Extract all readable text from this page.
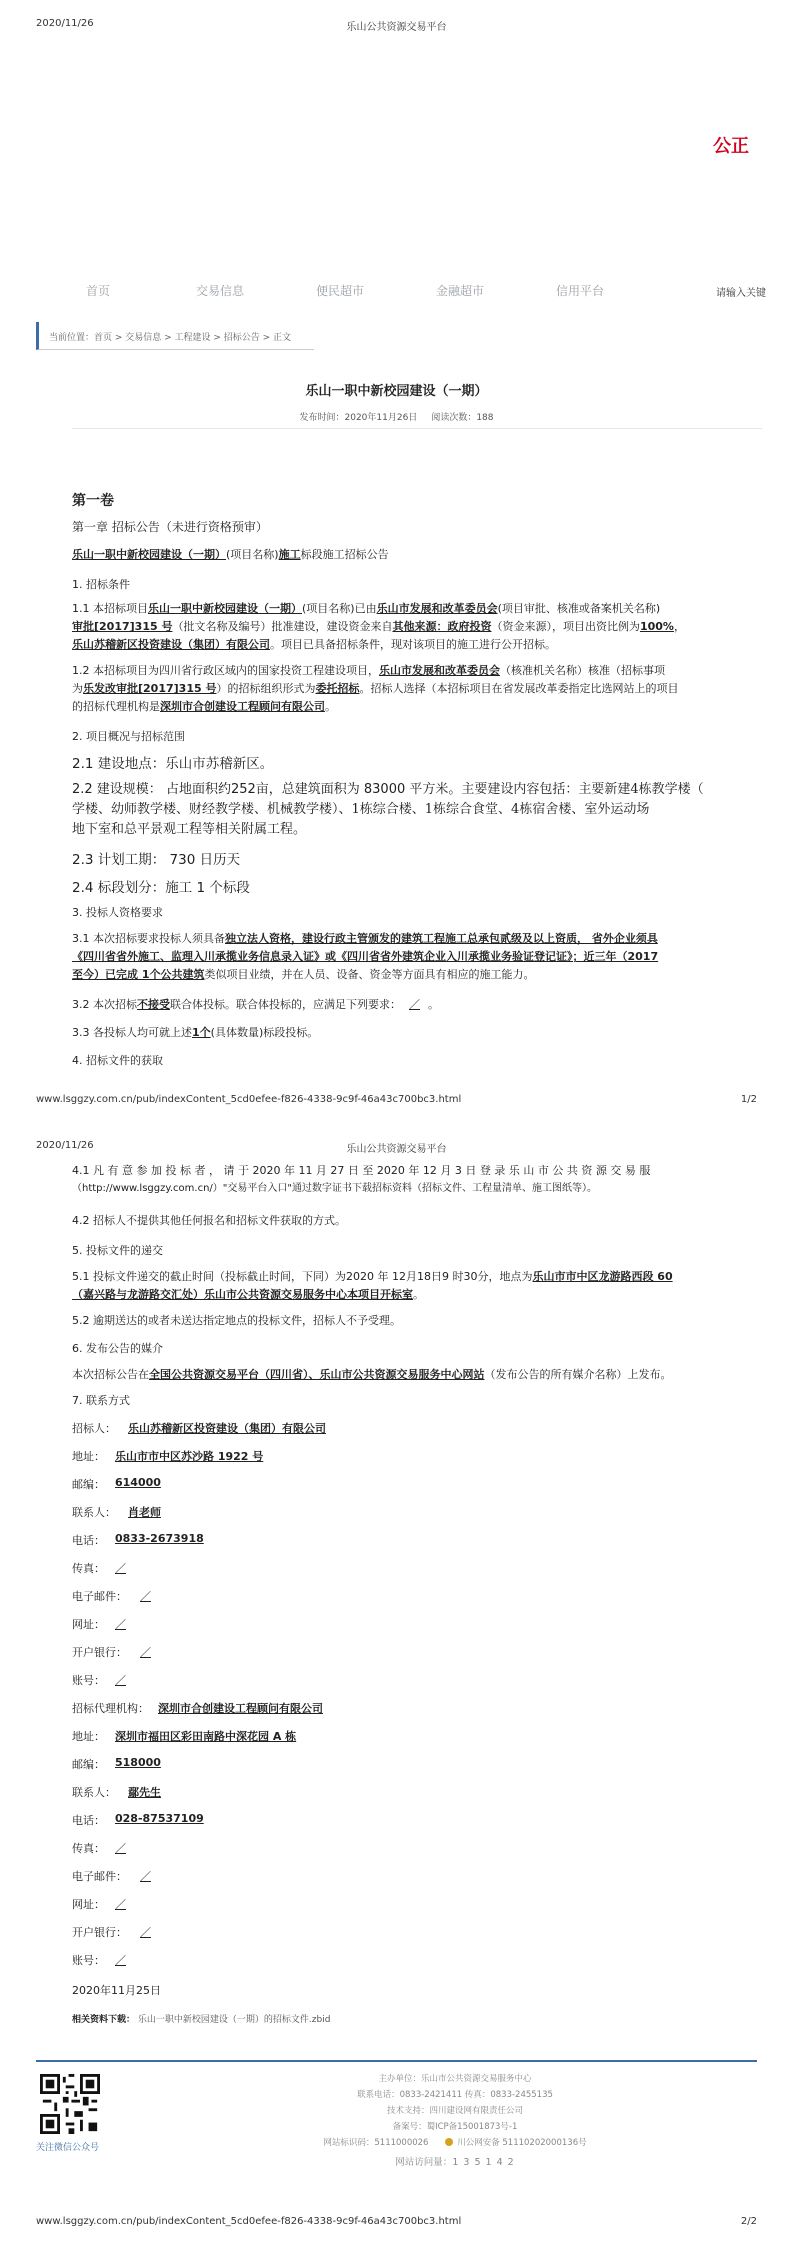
2020/11/26	乐山公共资源交易平台
公正
首页	交易信息	便民超市	金融超市	信用平台	请输入关键
当前位置：首页 > 交易信息 > 工程建设 > 招标公告 > 正文
乐山一职中新校园建设（一期）
发布时间：2020年11月26日 阅读次数：188
第一卷
第一章 招标公告（未进行资格预审）
乐山一职中新校园建设（一期）(项目名称)施工标段施工招标公告
1. 招标条件
1.1 本招标项目乐山一职中新校园建设（一期）(项目名称)已由乐山市发展和改革委员会(项目审批、核准或备案机关名称)
审批[2017]315 号（批文名称及编号）批准建设，建设资金来自其他来源：政府投资（资金来源），项目出资比例为100%，
乐山苏稽新区投资建设（集团）有限公司。项目已具备招标条件，现对该项目的施工进行公开招标。
1.2 本招标项目为四川省行政区域内的国家投资工程建设项目，乐山市发展和改革委员会（核准机关名称）核准（招标事项
为乐发改审批[2017]315 号）的招标组织形式为委托招标。招标人选择（本招标项目在省发展改革委指定比选网站上的项目
的招标代理机构是深圳市合创建设工程顾问有限公司。
2. 项目概况与招标范围
2.1 建设地点：乐山市苏稽新区。
2.2 建设规模： 占地面积约252亩，总建筑面积为 83000 平方米。主要建设内容包括：主要新建4栋教学楼（
学楼、幼师教学楼、财经教学楼、机械教学楼）、1栋综合楼、1栋综合食堂、4栋宿舍楼、室外运动场
地下室和总平景观工程等相关附属工程。
2.3 计划工期： 730 日历天
2.4 标段划分：施工 1 个标段
3. 投标人资格要求
3.1 本次招标要求投标人须具备独立法人资格，建设行政主管颁发的建筑工程施工总承包贰级及以上资质， 省外企业须具
《四川省省外施工、监理入川承揽业务信息录入证》或《四川省省外建筑企业入川承揽业务验证登记证》；近三年（2017
至今）已完成 1个公共建筑类似项目业绩，并在人员、设备、资金等方面具有相应的施工能力。
3.2 本次招标不接受联合体投标。联合体投标的，应满足下列要求： ／ 。
3.3 各投标人均可就上述1个(具体数量)标段投标。
4. 招标文件的获取
www.lsggzy.com.cn/pub/indexContent_5cd0efee-f826-4338-9c9f-46a43c700bc3.html	1/2
2020/11/26	乐山公共资源交易平台
4.1 凡 有 意 参 加 投 标 者 ， 请 于 2020 年 11 月 27 日 至 2020 年 12 月 3 日 登 录 乐 山 市 公 共 资 源 交 易 服
（http://www.lsggzy.com.cn/）"交易平台入口"通过数字证书下载招标资料（招标文件、工程量清单、施工图纸等）。
4.2 招标人不提供其他任何报名和招标文件获取的方式。
5. 投标文件的递交
5.1 投标文件递交的截止时间（投标截止时间，下同）为2020 年 12月18日9 时30分，地点为乐山市市中区龙游路西段 60
（嘉兴路与龙游路交汇处）乐山市公共资源交易服务中心本项目开标室。
5.2 逾期送达的或者未送达指定地点的投标文件，招标人不予受理。
6. 发布公告的媒介
本次招标公告在全国公共资源交易平台（四川省）、乐山市公共资源交易服务中心网站（发布公告的所有媒介名称）上发布。
7. 联系方式
招标人： 乐山苏稽新区投资建设（集团）有限公司
地址： 乐山市市中区苏沙路 1922 号
邮编： 614000
联系人： 肖老师
电话： 0833-2673918
传真： ／
电子邮件： ／
网址： ／
开户银行： ／
账号： ／
招标代理机构： 深圳市合创建设工程顾问有限公司
地址： 深圳市福田区彩田南路中深花园 A 栋
邮编： 518000
联系人： 鄢先生
电话： 028-87537109
传真： ／
电子邮件： ／
网址： ／
开户银行： ／
账号： ／
2020年11月25日
相关资料下载： 乐山一职中新校园建设（一期）的招标文件.zbid
关注微信公众号
主办单位：乐山市公共资源交易服务中心
联系电话：0833-2421411 传真：0833-2455135
技术支持：四川建设网有限责任公司
备案号：蜀ICP备15001873号-1
网站标识码：5111000026	川公网安备 51110202000136号
网站访问量：1 3 5 1 4 2
www.lsggzy.com.cn/pub/indexContent_5cd0efee-f826-4338-9c9f-46a43c700bc3.html	2/2
